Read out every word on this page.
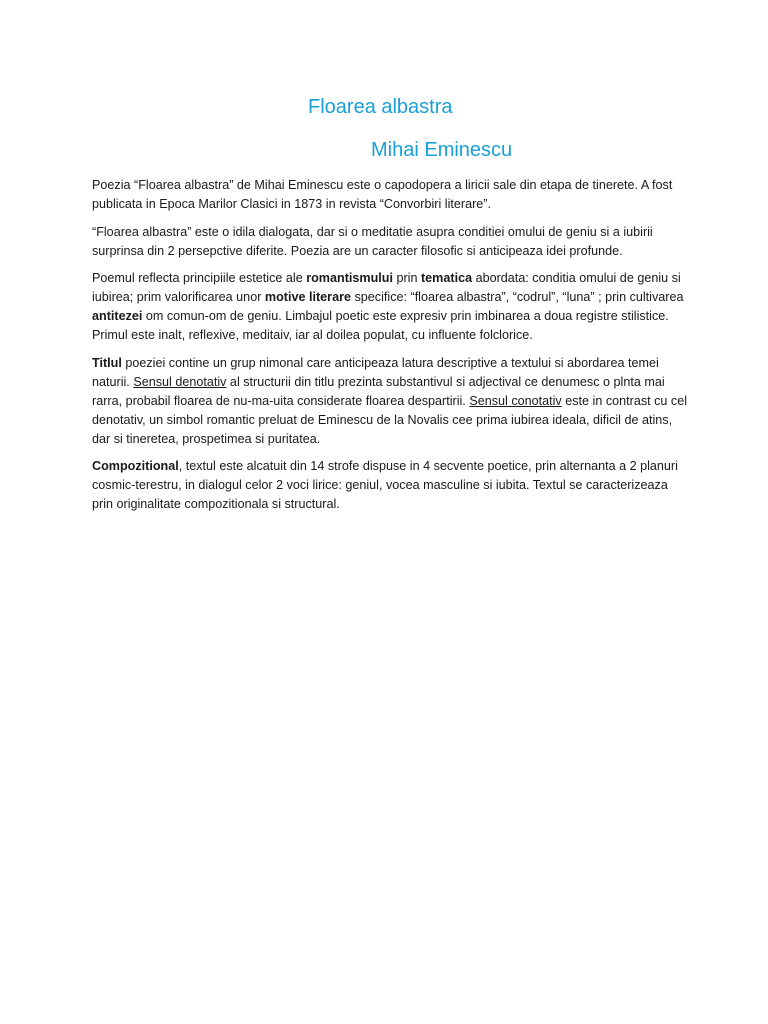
Floarea albastra
Mihai Eminescu

Poezia “Floarea albastra” de Mihai Eminescu este o capodopera a liricii sale din etapa de tinerete. A fost publicata in Epoca Marilor Clasici in 1873 in revista “Convorbiri literare”.

“Floarea albastra” este o idila dialogata, dar si o meditatie asupra conditiei omului de geniu si a iubirii surprinsa din 2 persepctive diferite. Poezia are un caracter filosofic si anticipeaza idei profunde.

Poemul reflecta principiile estetice ale romantismului prin tematica abordata: conditia omului de geniu si iubirea; prim valorificarea unor motive literare specifice: “floarea albastra”, “codrul”, “luna” ; prin cultivarea antitezei om comun-om de geniu. Limbajul poetic este expresiv prin imbinarea a doua registre stilistice. Primul este inalt, reflexive, meditaiv, iar al doilea populat, cu influente folclorice.

Titlul poeziei contine un grup nimonal care anticipeaza latura descriptive a textului si abordarea temei naturii. Sensul denotativ al structurii din titlu prezinta substantivul si adjectival ce denumesc o plnta mai rarra, probabil floarea de nu-ma-uita considerate floarea despartirii. Sensul conotativ este in contrast cu cel denotativ, un simbol romantic preluat de Eminescu de la Novalis cee prima iubirea ideala, dificil de atins, dar si tineretea, prospetimea si puritatea.

Compozitional, textul este alcatuit din 14 strofe dispuse in 4 secvente poetice, prin alternanta a 2 planuri cosmic-terestru, in dialogul celor 2 voci lirice: geniul, vocea masculine si iubita. Textul se caracterizeaza prin originalitate compozitionala si structural.
